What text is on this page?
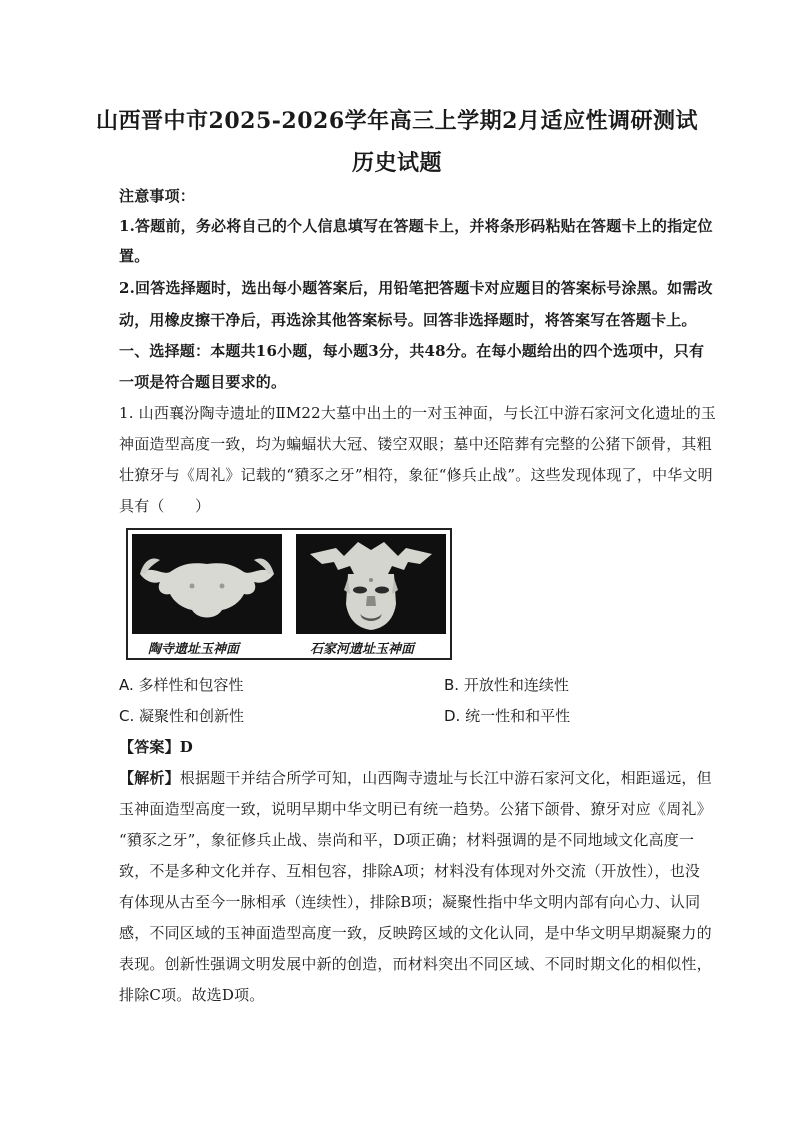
山西晋中市2025-2026学年高三上学期2月适应性调研测试
历史试题
注意事项：
1.答题前，务必将自己的个人信息填写在答题卡上，并将条形码粘贴在答题卡上的指定位
置。
2.回答选择题时，选出每小题答案后，用铅笔把答题卡对应题目的答案标号涂黑。如需改
动，用橡皮擦干净后，再选涂其他答案标号。回答非选择题时，将答案写在答题卡上。
一、选择题：本题共16小题，每小题3分，共48分。在每小题给出的四个选项中，只有
一项是符合题目要求的。
1. 山西襄汾陶寺遗址的ⅡM22大墓中出土的一对玉神面，与长江中游石家河文化遗址的玉
神面造型高度一致，均为蝙蝠状大冠、镂空双眼；墓中还陪葬有完整的公猪下颌骨，其粗
壮獠牙与《周礼》记载的“豶豕之牙”相符，象征“修兵止战”。这些发现体现了，中华文明
具有（　　）
陶寺遗址玉神面	石家河遗址玉神面
A. 多样性和包容性	B. 开放性和连续性
C. 凝聚性和创新性	D. 统一性和和平性
【答案】D
【解析】根据题干并结合所学可知，山西陶寺遗址与长江中游石家河文化，相距遥远，但
玉神面造型高度一致，说明早期中华文明已有统一趋势。公猪下颌骨、獠牙对应《周礼》
“豶豕之牙”，象征修兵止战、崇尚和平，D项正确；材料强调的是不同地域文化高度一
致，不是多种文化并存、互相包容，排除A项；材料没有体现对外交流（开放性），也没
有体现从古至今一脉相承（连续性），排除B项；凝聚性指中华文明内部有向心力、认同
感，不同区域的玉神面造型高度一致，反映跨区域的文化认同，是中华文明早期凝聚力的
表现。创新性强调文明发展中新的创造，而材料突出不同区域、不同时期文化的相似性，
排除C项。故选D项。
